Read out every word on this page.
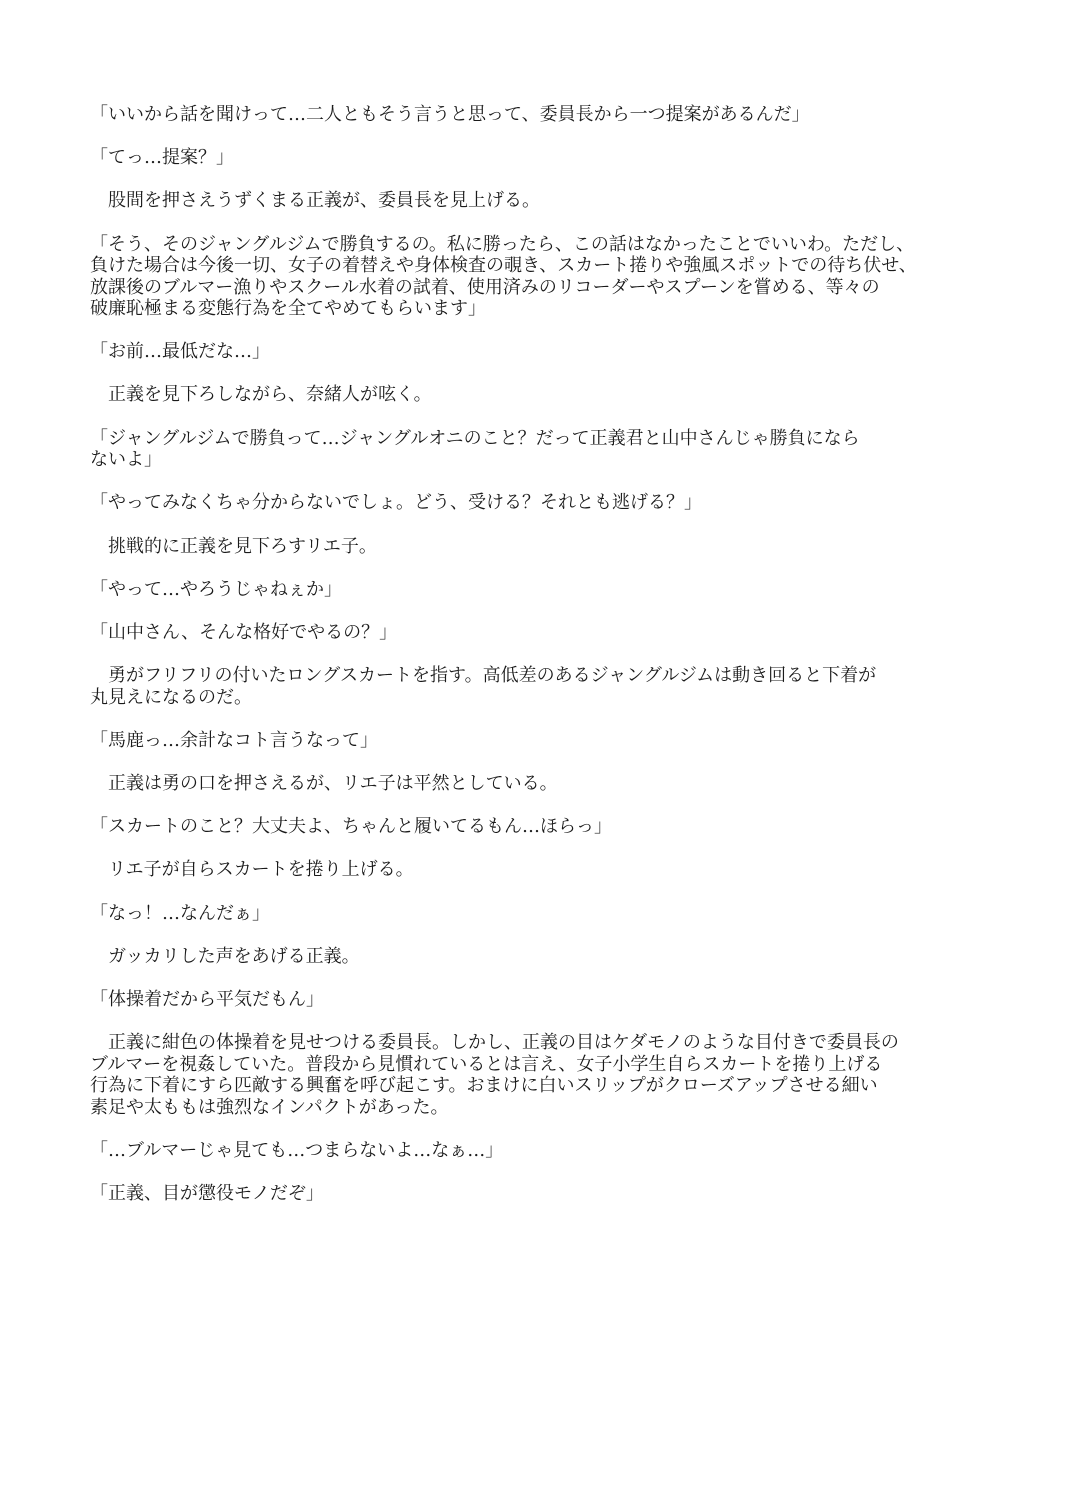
「いいから話を聞けって…二人ともそう言うと思って、委員長から一つ提案があるんだ」
「てっ…提案？」
　股間を押さえうずくまる正義が、委員長を見上げる。
「そう、そのジャングルジムで勝負するの。私に勝ったら、この話はなかったことでいいわ。ただし、
負けた場合は今後一切、女子の着替えや身体検査の覗き、スカート捲りや強風スポットでの待ち伏せ、
放課後のブルマー漁りやスクール水着の試着、使用済みのリコーダーやスプーンを嘗める、等々の
破廉恥極まる変態行為を全てやめてもらいます」
「お前…最低だな…」
　正義を見下ろしながら、奈緒人が呟く。
「ジャングルジムで勝負って…ジャングルオニのこと？だって正義君と山中さんじゃ勝負になら
ないよ」
「やってみなくちゃ分からないでしょ。どう、受ける？それとも逃げる？」
　挑戦的に正義を見下ろすリエ子。
「やって…やろうじゃねぇか」
「山中さん、そんな格好でやるの？」
　勇がフリフリの付いたロングスカートを指す。高低差のあるジャングルジムは動き回ると下着が
丸見えになるのだ。
「馬鹿っ…余計なコト言うなって」
　正義は勇の口を押さえるが、リエ子は平然としている。
「スカートのこと？大丈夫よ、ちゃんと履いてるもん…ほらっ」
　リエ子が自らスカートを捲り上げる。
「なっ！…なんだぁ」
　ガッカリした声をあげる正義。
「体操着だから平気だもん」
　正義に紺色の体操着を見せつける委員長。しかし、正義の目はケダモノのような目付きで委員長の
ブルマーを視姦していた。普段から見慣れているとは言え、女子小学生自らスカートを捲り上げる
行為に下着にすら匹敵する興奮を呼び起こす。おまけに白いスリップがクローズアップさせる細い
素足や太ももは強烈なインパクトがあった。
「…ブルマーじゃ見ても…つまらないよ…なぁ…」
「正義、目が懲役モノだぞ」
